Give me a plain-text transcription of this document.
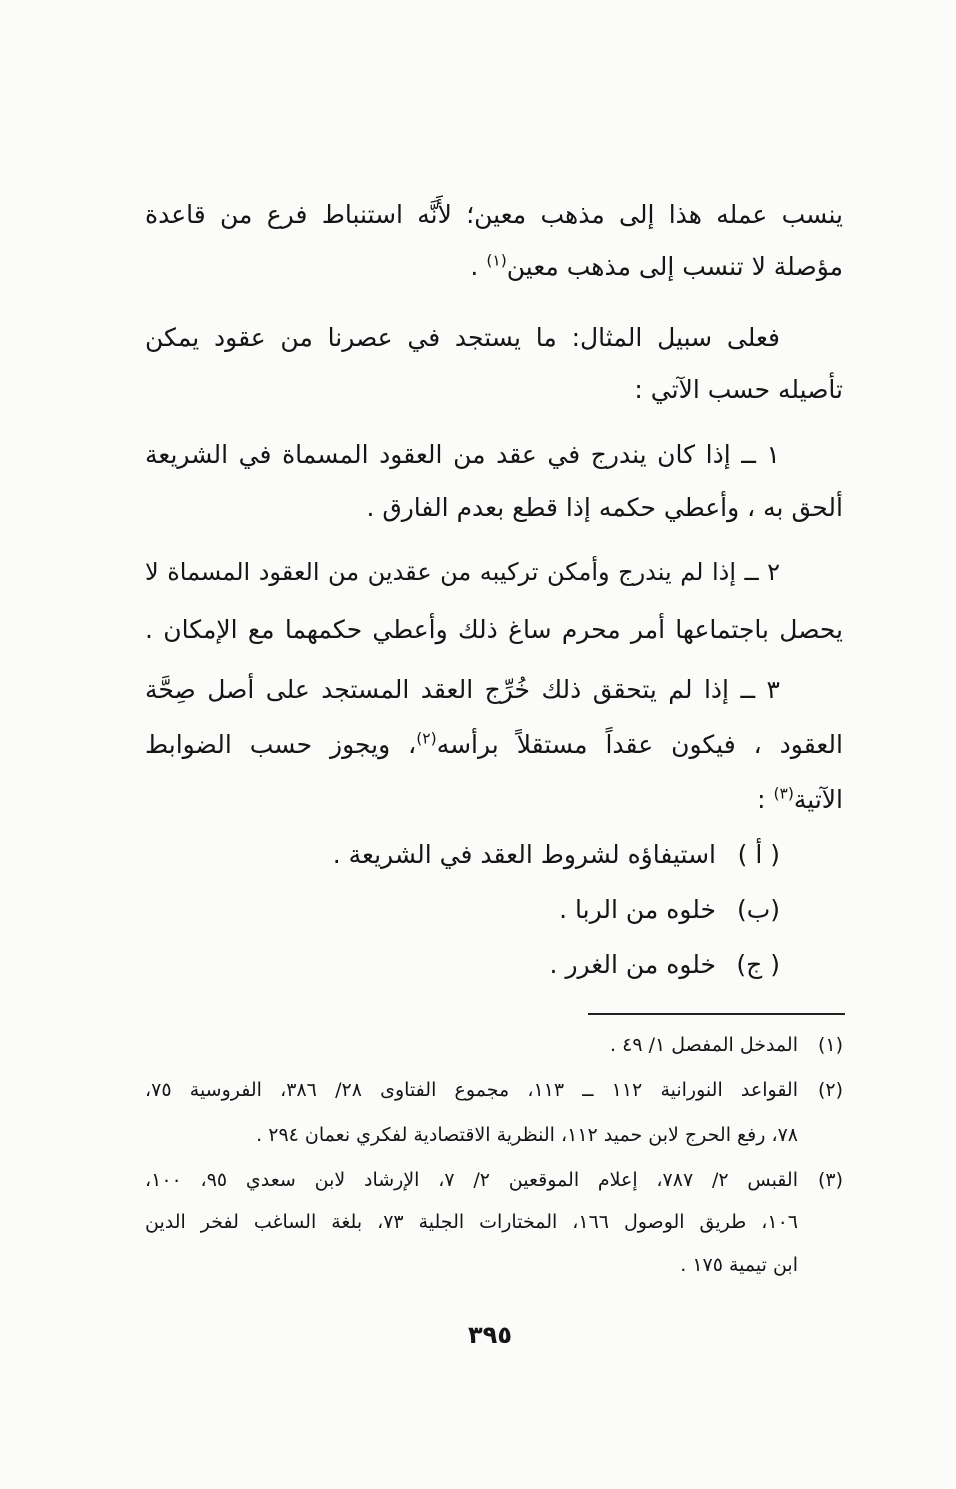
ينسب عمله هذا إلى مذهب معين؛ لأَنَّه استنباط فرع من قاعدة
مؤصلة لا تنسب إلى مذهب معين$^{(١)}$ .
فعلى سبيل المثال: ما يستجد في عصرنا من عقود يمكن
تأصيله حسب الآتي :
١ ــ إذا كان يندرج في عقد من العقود المسماة في الشريعة
ألحق به ، وأعطي حكمه إذا قطع بعدم الفارق .
٢ ــ إذا لم يندرج وأمكن تركيبه من عقدين من العقود المسماة لا
يحصل باجتماعها أمر محرم ساغ ذلك وأعطي حكمهما مع الإمكان .
٣ ــ إذا لم يتحقق ذلك خُرِّج العقد المستجد على أصل صِحَّة
العقود ، فيكون عقداً مستقلاً برأسه$^{(٢)}$، ويجوز حسب الضوابط
الآتية$^{(٣)}$ :
( أ )استيفاؤه لشروط العقد في الشريعة .
(ب)خلوه من الربا .
( ج)خلوه من الغرر .
(١)
المدخل المفصل ١/ ٤٩ .
(٢)
القواعد النورانية ١١٢ ــ ١١٣، مجموع الفتاوى ٢٨/ ٣٨٦، الفروسية ٧٥،
٧٨، رفع الحرج لابن حميد ١١٢، النظرية الاقتصادية لفكري نعمان ٢٩٤ .
(٣)
القبس ٢/ ٧٨٧، إعلام الموقعين ٢/ ٧، الإرشاد لابن سعدي ٩٥، ١٠٠،
١٠٦، طريق الوصول ١٦٦، المختارات الجلية ٧٣، بلغة الساغب لفخر الدين
ابن تيمية ١٧٥ .
٣٩٥
